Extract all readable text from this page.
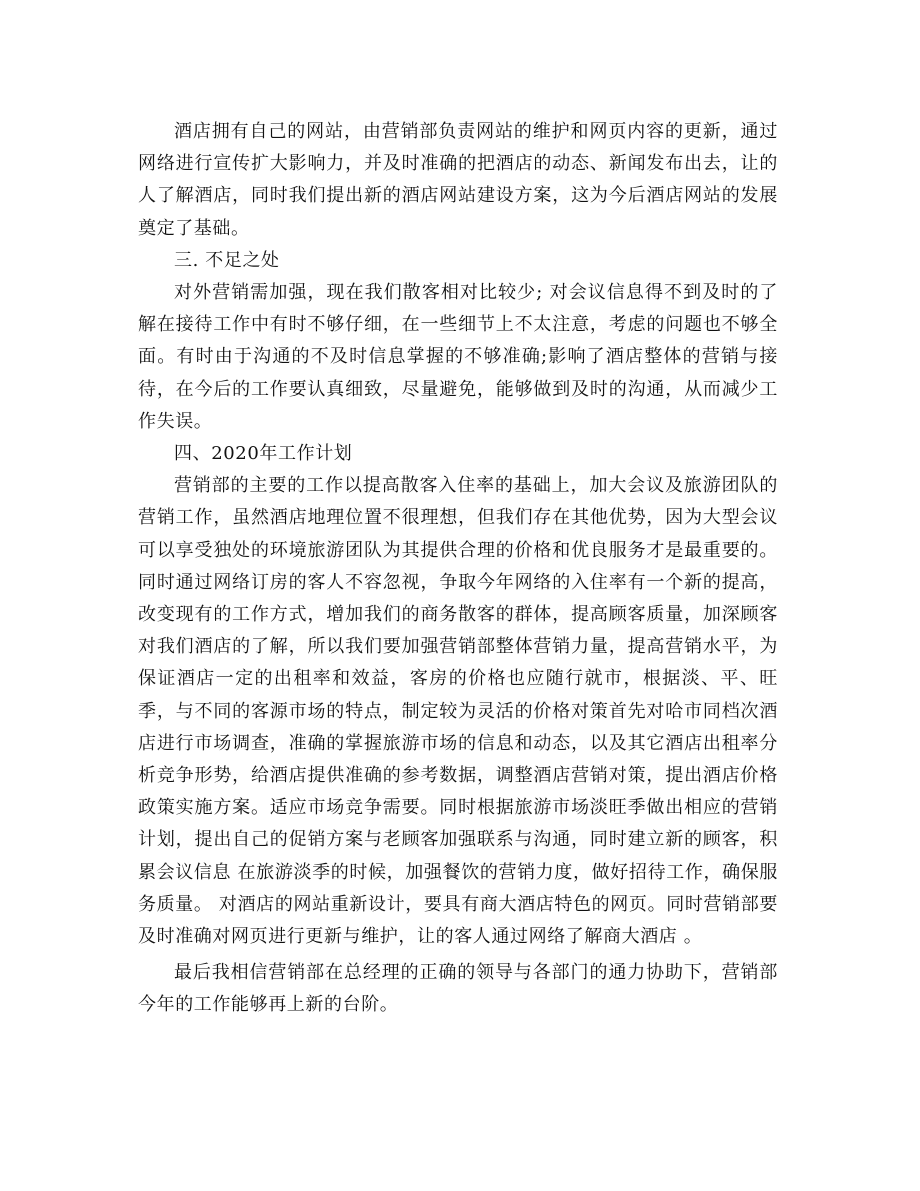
酒店拥有自己的网站，由营销部负责网站的维护和网页内容的更新，通过网络进行宣传扩大影响力，并及时准确的把酒店的动态、新闻发布出去，让的人了解酒店，同时我们提出新的酒店网站建设方案，这为今后酒店网站的发展奠定了基础。

三. 不足之处

对外营销需加强，现在我们散客相对比较少; 对会议信息得不到及时的了解在接待工作中有时不够仔细，在一些细节上不太注意，考虑的问题也不够全面。有时由于沟通的不及时信息掌握的不够准确;影响了酒店整体的营销与接待，在今后的工作要认真细致，尽量避免，能够做到及时的沟通，从而减少工作失误。

四、2020年工作计划

营销部的主要的工作以提高散客入住率的基础上，加大会议及旅游团队的营销工作，虽然酒店地理位置不很理想，但我们存在其他优势，因为大型会议可以享受独处的环境旅游团队为其提供合理的价格和优良服务才是最重要的。同时通过网络订房的客人不容忽视，争取今年网络的入住率有一个新的提高， 改变现有的工作方式，增加我们的商务散客的群体，提高顾客质量，加深顾客对我们酒店的了解，所以我们要加强营销部整体营销力量，提高营销水平，为保证酒店一定的出租率和效益，客房的价格也应随行就市，根据淡、平、旺季，与不同的客源市场的特点，制定较为灵活的价格对策首先对哈市同档次酒店进行市场调查，准确的掌握旅游市场的信息和动态，以及其它酒店出租率分析竞争形势，给酒店提供准确的参考数据，调整酒店营销对策，提出酒店价格政策实施方案。适应市场竞争需要。同时根据旅游市场淡旺季做出相应的营销计划，提出自己的促销方案与老顾客加强联系与沟通，同时建立新的顾客，积累会议信息 在旅游淡季的时候，加强餐饮的营销力度，做好招待工作，确保服务质量。 对酒店的网站重新设计，要具有商大酒店特色的网页。同时营销部要及时准确对网页进行更新与维护，让的客人通过网络了解商大酒店 。

最后我相信营销部在总经理的正确的领导与各部门的通力协助下，营销部今年的工作能够再上新的台阶。
